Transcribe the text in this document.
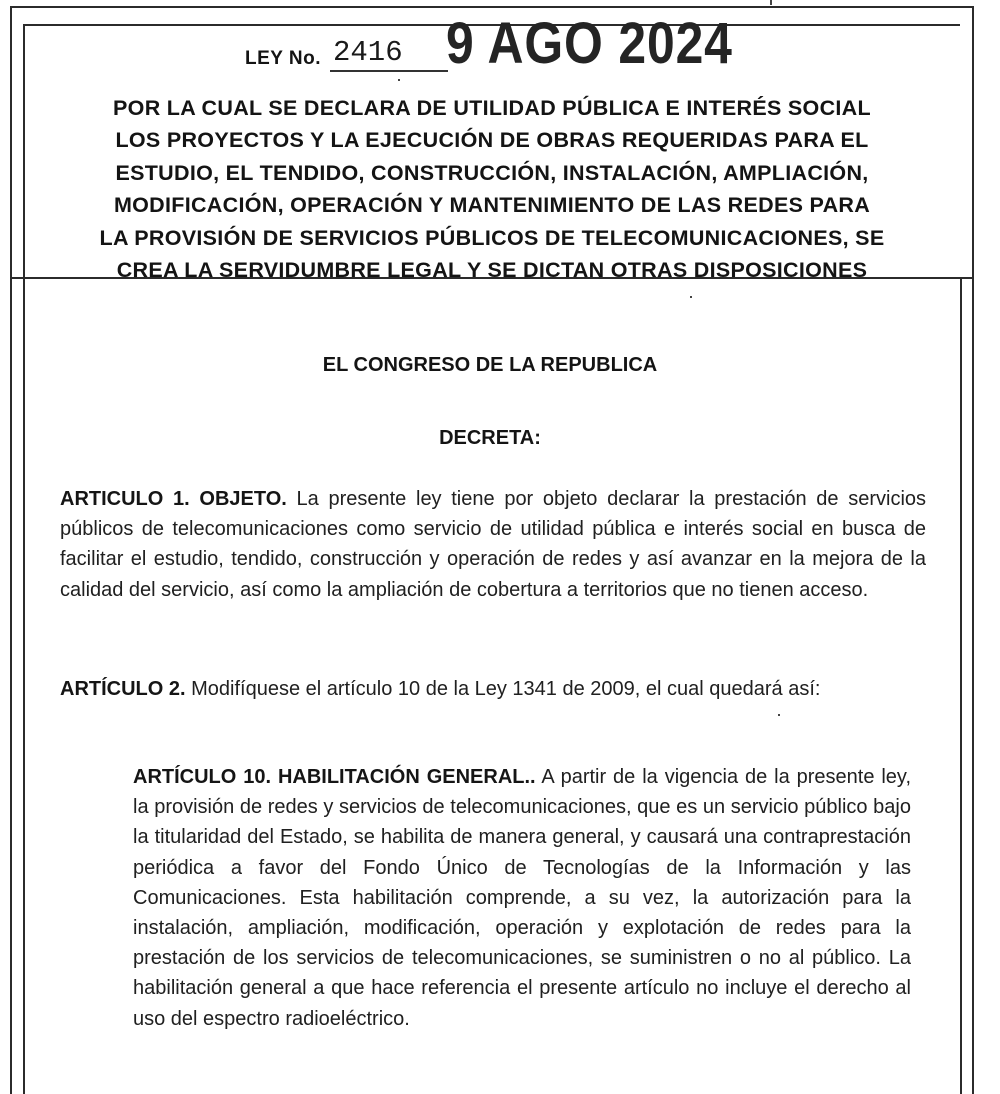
LEY No. 2416 9 AGO 2024
POR LA CUAL SE DECLARA DE UTILIDAD PÚBLICA E INTERÉS SOCIAL
LOS PROYECTOS Y LA EJECUCIÓN DE OBRAS REQUERIDAS PARA EL
ESTUDIO, EL TENDIDO, CONSTRUCCIÓN, INSTALACIÓN, AMPLIACIÓN,
MODIFICACIÓN, OPERACIÓN Y MANTENIMIENTO DE LAS REDES PARA
LA PROVISIÓN DE SERVICIOS PÚBLICOS DE TELECOMUNICACIONES, SE
CREA LA SERVIDUMBRE LEGAL Y SE DICTAN OTRAS DISPOSICIONES
EL CONGRESO DE LA REPUBLICA
DECRETA:

ARTICULO 1. OBJETO. La presente ley tiene por objeto declarar la prestación de servicios públicos de telecomunicaciones como servicio de utilidad pública e interés social en busca de facilitar el estudio, tendido, construcción y operación de redes y así avanzar en la mejora de la calidad del servicio, así como la ampliación de cobertura a territorios que no tienen acceso.

ARTÍCULO 2. Modifíquese el artículo 10 de la Ley 1341 de 2009, el cual quedará así:

ARTÍCULO 10. HABILITACIÓN GENERAL.. A partir de la vigencia de la presente ley, la provisión de redes y servicios de telecomunicaciones, que es un servicio público bajo la titularidad del Estado, se habilita de manera general, y causará una contraprestación periódica a favor del Fondo Único de Tecnologías de la Información y las Comunicaciones. Esta habilitación comprende, a su vez, la autorización para la instalación, ampliación, modificación, operación y explotación de redes para la prestación de los servicios de telecomunicaciones, se suministren o no al público. La habilitación general a que hace referencia el presente artículo no incluye el derecho al uso del espectro radioeléctrico.
